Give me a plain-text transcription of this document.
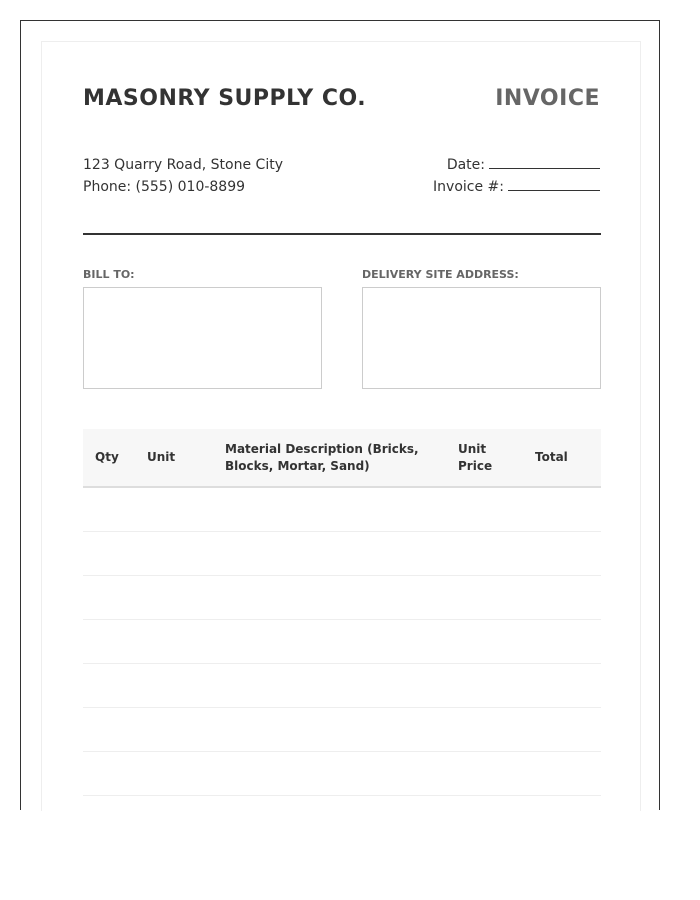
MASONRY SUPPLY CO.	INVOICE
123 Quarry Road, Stone City
Phone: (555) 010-8899
Date:
Invoice #:

BILL TO:	DELIVERY SITE ADDRESS:

Qty	Unit	Material Description (Bricks, Blocks, Mortar, Sand)	Unit Price	Total
